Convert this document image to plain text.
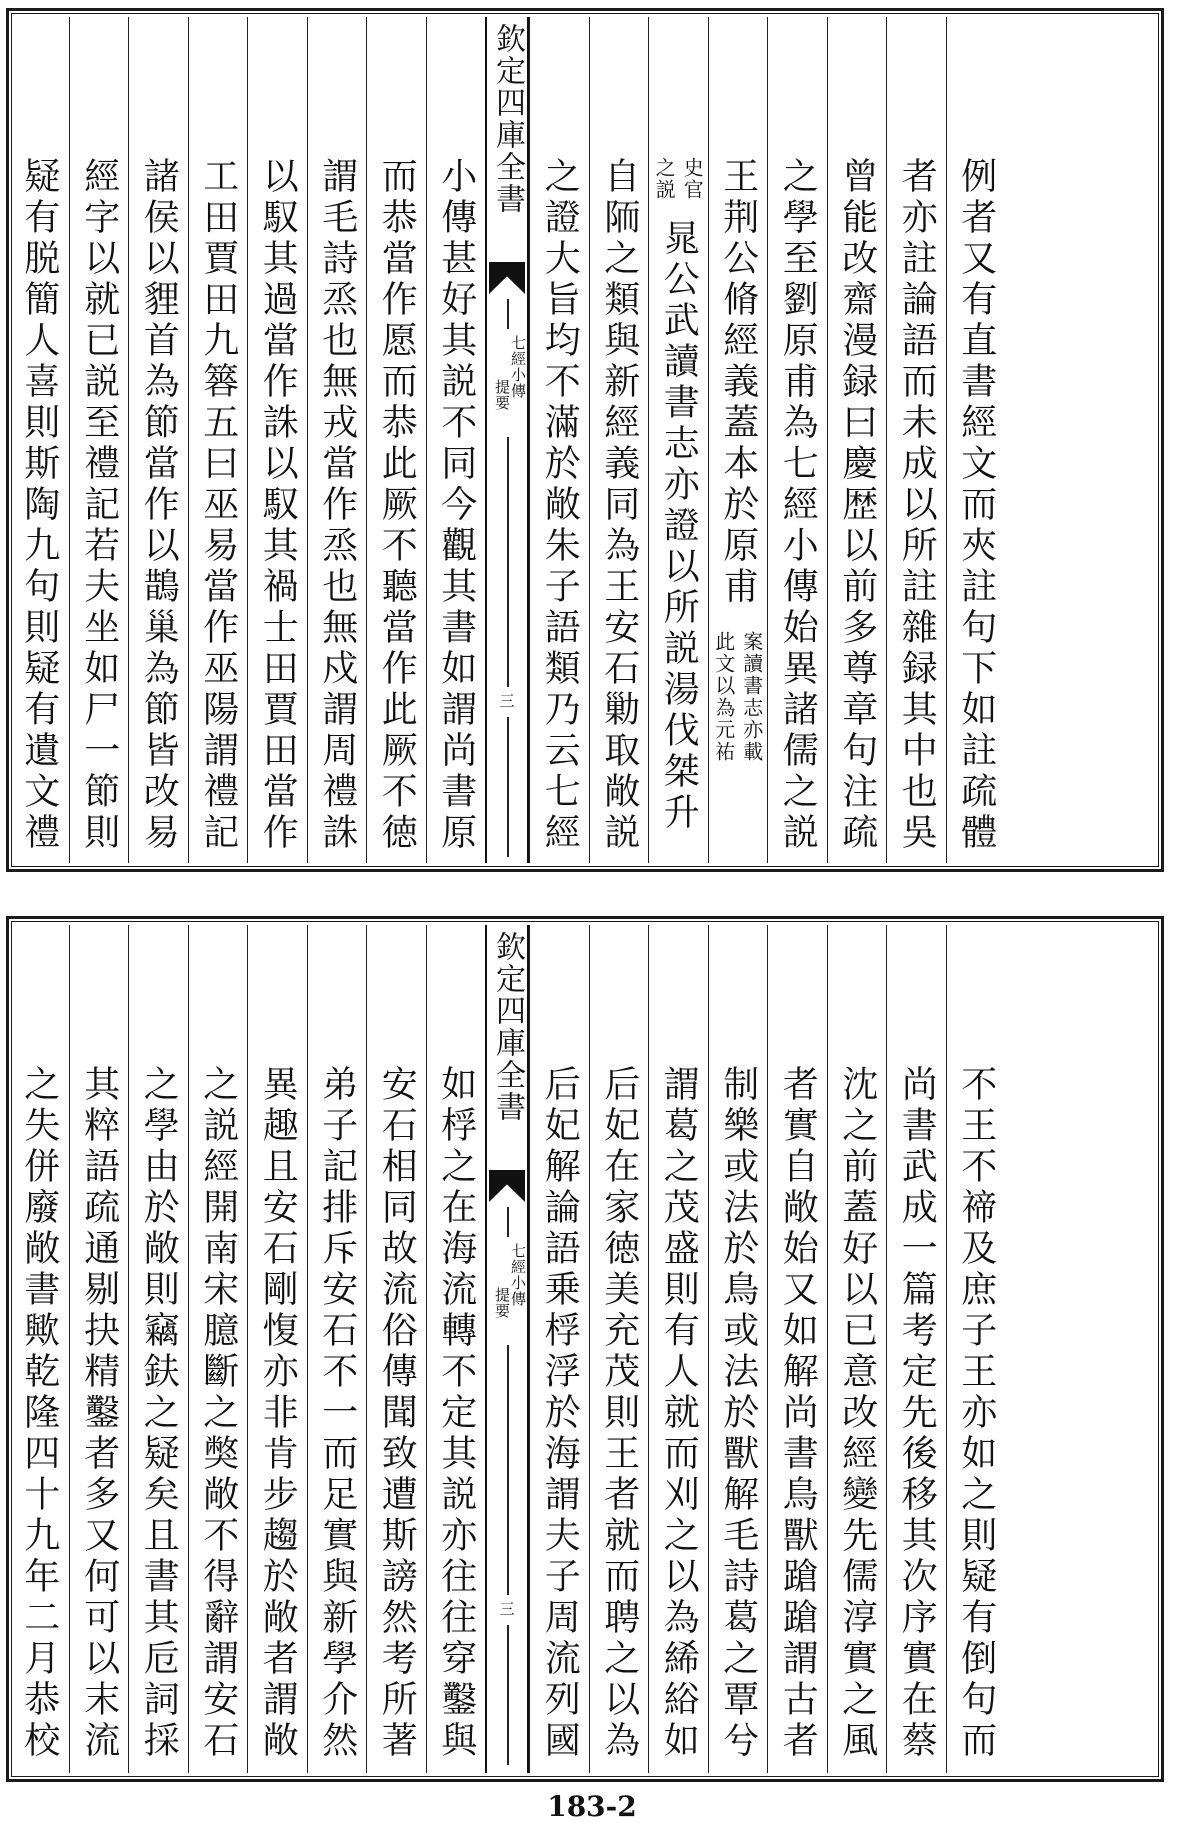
例者又有直書經文而夾註句下如註疏體
者亦註論語而未成以所註雜録其中也吳
曾能改齋漫録曰慶歴以前多尊章句注疏
之學至劉原甫為七經小傳始異諸儒之説
王荆公脩經義蓋本於原甫
案讀書志亦載
此文以為元祐
史官
之説
晁公武讀書志亦證以所説湯伐桀升
自陑之類與新經義同為王安石勦取敞説
之證大旨均不滿於敞朱子語類乃云七經
小傳甚好其説不同今觀其書如謂尚書原
而恭當作愿而恭此厥不聽當作此厥不徳
謂毛詩烝也無戎當作烝也無戍謂周禮誅
以馭其過當作誅以馭其禍士田賈田當作
工田賈田九簭五曰巫易當作巫陽謂禮記
諸侯以貍首為節當作以鵲巢為節皆改易
經字以就已説至禮記若夫坐如尸一節則
疑有脱簡人喜則斯陶九句則疑有遺文禮
欽定四庫全書
七經小傳
提要
三
不王不禘及庶子王亦如之則疑有倒句而
尚書武成一篇考定先後移其次序實在蔡
沈之前蓋好以已意改經變先儒淳實之風
者實自敞始又如解尚書鳥獸蹌蹌謂古者
制樂或法於鳥或法於獸解毛詩葛之覃兮
謂葛之茂盛則有人就而刈之以為絺綌如
后妃在家徳美充茂則王者就而聘之以為
后妃解論語乗桴浮於海謂夫子周流列國
如桴之在海流轉不定其説亦往往穿鑿與
安石相同故流俗傳聞致遭斯謗然考所著
弟子記排斥安石不一而足實與新學介然
異趣且安石剛愎亦非肯步趨於敞者謂敞
之説經開南宋臆斷之獘敞不得辭謂安石
之學由於敞則竊鈇之疑矣且書其卮詞採
其粹語疏通剔抉精鑿者多又何可以末流
之失併廢敞書歟乾隆四十九年二月恭校
欽定四庫全書
七經小傳
提要
三
183-2
